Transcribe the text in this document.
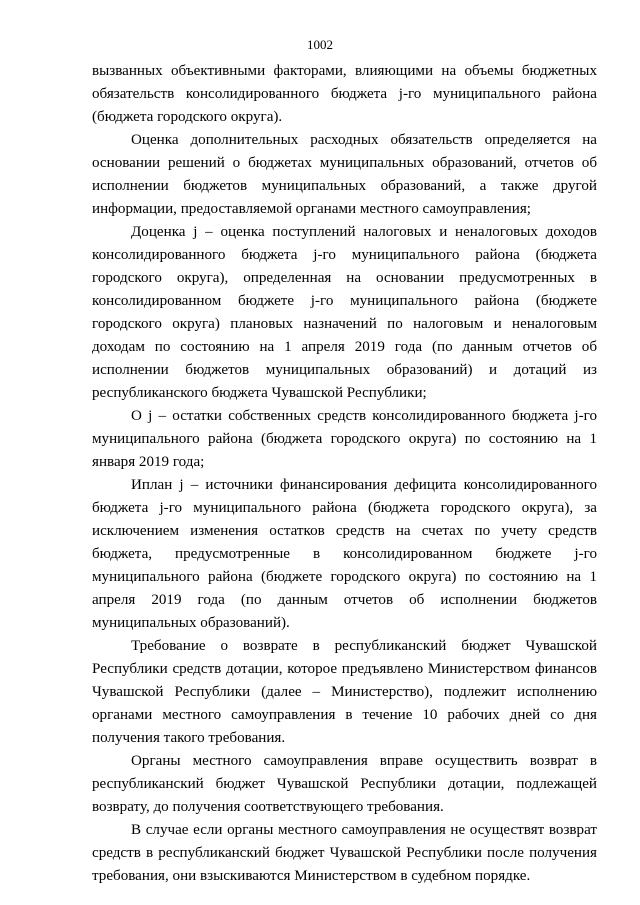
1002

вызванных объективными факторами, влияющими на объемы бюджетных обязательств консолидированного бюджета j-го муниципального района (бюджета городского округа).

Оценка дополнительных расходных обязательств определяется на основании решений о бюджетах муниципальных образований, отчетов об исполнении бюджетов муниципальных образований, а также другой информации, предоставляемой органами местного самоуправления;

Доценка j – оценка поступлений налоговых и неналоговых доходов консолидированного бюджета j-го муниципального района (бюджета городского округа), определенная на основании предусмотренных в консолидированном бюджете j-го муниципального района (бюджете городского округа) плановых назначений по налоговым и неналоговым доходам по состоянию на 1 апреля 2019 года (по данным отчетов об исполнении бюджетов муниципальных образований) и дотаций из республиканского бюджета Чувашской Республики;

О j – остатки собственных средств консолидированного бюджета j-го муниципального района (бюджета городского округа) по состоянию на 1 января 2019 года;

Иплан j – источники финансирования дефицита консолидированного бюджета j-го муниципального района (бюджета городского округа), за исключением изменения остатков средств на счетах по учету средств бюджета, предусмотренные в консолидированном бюджете j-го муниципального района (бюджете городского округа) по состоянию на 1 апреля 2019 года (по данным отчетов об исполнении бюджетов муниципальных образований).

Требование о возврате в республиканский бюджет Чувашской Республики средств дотации, которое предъявлено Министерством финансов Чувашской Республики (далее – Министерство), подлежит исполнению органами местного самоуправления в течение 10 рабочих дней со дня получения такого требования.

Органы местного самоуправления вправе осуществить возврат в республиканский бюджет Чувашской Республики дотации, подлежащей возврату, до получения соответствующего требования.

В случае если органы местного самоуправления не осуществят возврат средств в республиканский бюджет Чувашской Республики после получения требования, они взыскиваются Министерством в судебном порядке.
